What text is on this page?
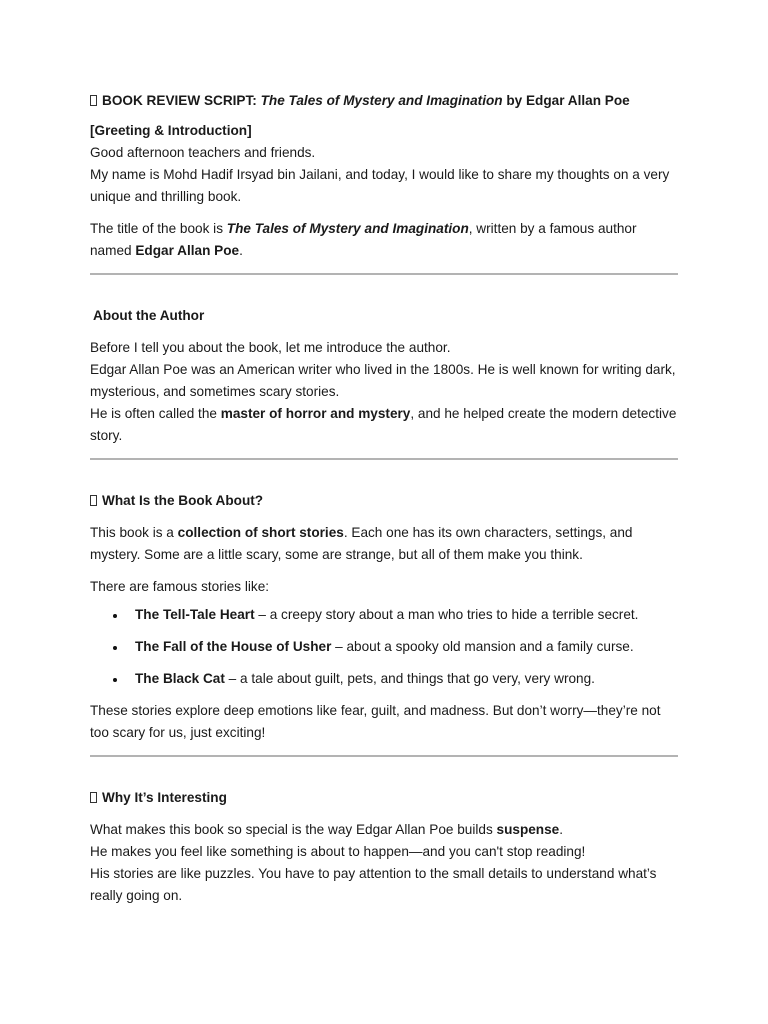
BOOK REVIEW SCRIPT: The Tales of Mystery and Imagination by Edgar Allan Poe

[Greeting & Introduction]

Good afternoon teachers and friends.

My name is Mohd Hadif Irsyad bin Jailani, and today, I would like to share my thoughts on a very unique and thrilling book.

The title of the book is The Tales of Mystery and Imagination, written by a famous author named Edgar Allan Poe.

About the Author

Before I tell you about the book, let me introduce the author.

Edgar Allan Poe was an American writer who lived in the 1800s. He is well known for writing dark, mysterious, and sometimes scary stories.

He is often called the master of horror and mystery, and he helped create the modern detective story.

What Is the Book About?

This book is a collection of short stories. Each one has its own characters, settings, and mystery. Some are a little scary, some are strange, but all of them make you think.

There are famous stories like:

The Tell-Tale Heart – a creepy story about a man who tries to hide a terrible secret.
The Fall of the House of Usher – about a spooky old mansion and a family curse.
The Black Cat – a tale about guilt, pets, and things that go very, very wrong.

These stories explore deep emotions like fear, guilt, and madness. But don’t worry—they’re not too scary for us, just exciting!

Why It’s Interesting

What makes this book so special is the way Edgar Allan Poe builds suspense.

He makes you feel like something is about to happen—and you can't stop reading!

His stories are like puzzles. You have to pay attention to the small details to understand what’s really going on.
